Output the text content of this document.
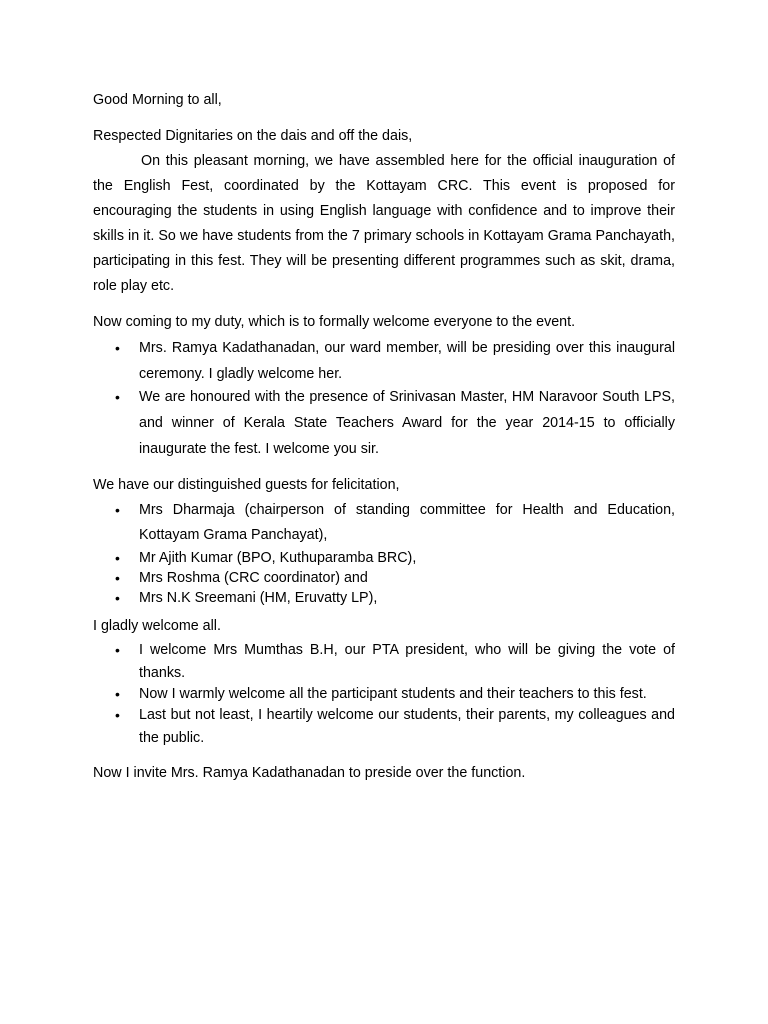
Good Morning to all,

Respected Dignitaries on the dais and off the dais,

On this pleasant morning, we have assembled here for the official inauguration of the English Fest, coordinated by the Kottayam CRC. This event is proposed for encouraging the students in using English language with confidence and to improve their skills in it. So we have students from the 7 primary schools in Kottayam Grama Panchayath, participating in this fest. They will be presenting different programmes such as skit, drama, role play etc.

Now coming to my duty, which is to formally welcome everyone to the event.

• Mrs. Ramya Kadathanadan, our ward member, will be presiding over this inaugural ceremony. I gladly welcome her.
• We are honoured with the presence of Srinivasan Master, HM Naravoor South LPS, and winner of Kerala State Teachers Award for the year 2014-15 to officially inaugurate the fest. I welcome you sir.

We have our distinguished guests for felicitation,

• Mrs Dharmaja (chairperson of standing committee for Health and Education, Kottayam Grama Panchayat),
• Mr Ajith Kumar (BPO, Kuthuparamba BRC),
• Mrs Roshma (CRC coordinator) and
• Mrs N.K Sreemani (HM, Eruvatty LP),

I gladly welcome all.

• I welcome Mrs Mumthas B.H, our PTA president, who will be giving the vote of thanks.
• Now I warmly welcome all the participant students and their teachers to this fest.
• Last but not least, I heartily welcome our students, their parents, my colleagues and the public.

Now I invite Mrs. Ramya Kadathanadan to preside over the function.
